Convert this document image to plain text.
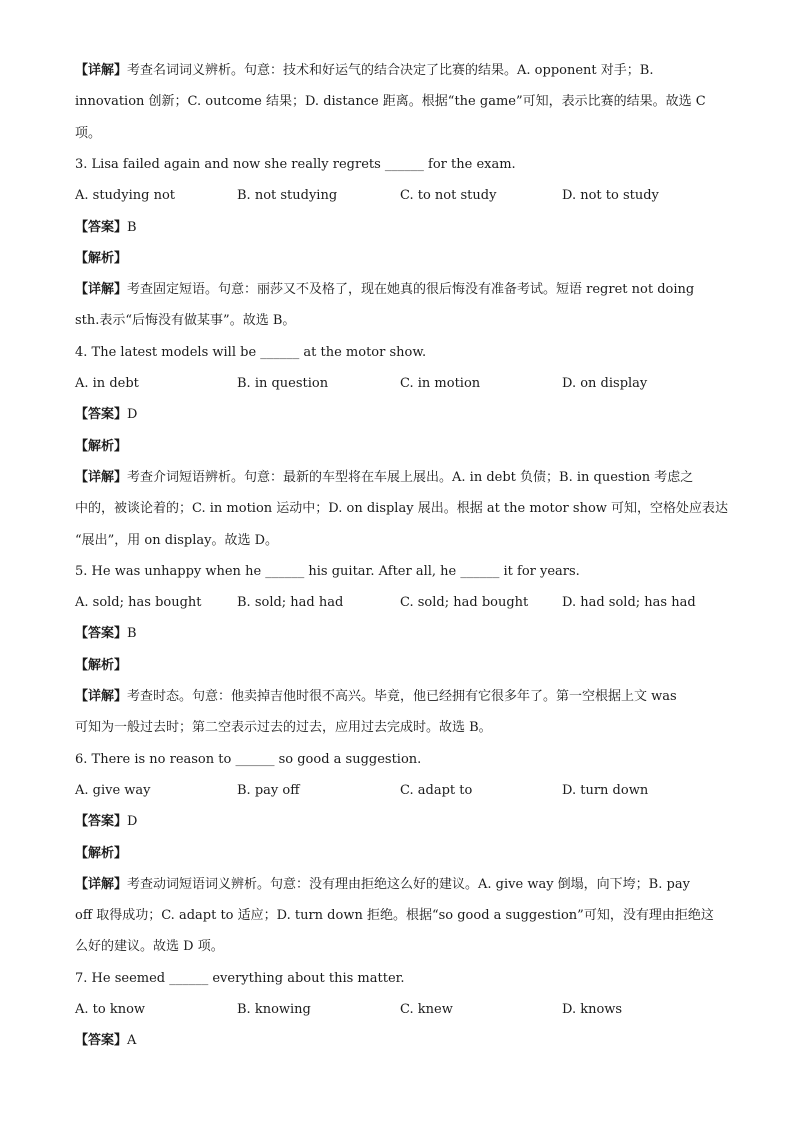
【详解】考查名词词义辨析。句意：技术和好运气的结合决定了比赛的结果。A. opponent 对手；B.
innovation 创新；C. outcome 结果；D. distance 距离。根据“the game”可知，表示比赛的结果。故选 C
项。
3. Lisa failed again and now she really regrets ______ for the exam.
A. studying not	B. not studying	C. to not study	D. not to study
【答案】B
【解析】
【详解】考查固定短语。句意：丽莎又不及格了，现在她真的很后悔没有准备考试。短语 regret not doing
sth.表示“后悔没有做某事”。故选 B。
4. The latest models will be ______ at the motor show.
A. in debt	B. in question	C. in motion	D. on display
【答案】D
【解析】
【详解】考查介词短语辨析。句意：最新的车型将在车展上展出。A. in debt 负债；B. in question 考虑之
中的，被谈论着的；C. in motion 运动中；D. on display 展出。根据 at the motor show 可知，空格处应表达
“展出”，用 on display。故选 D。
5. He was unhappy when he ______ his guitar. After all, he ______ it for years.
A. sold; has bought	B. sold; had had	C. sold; had bought	D. had sold; has had
【答案】B
【解析】
【详解】考查时态。句意：他卖掉吉他时很不高兴。毕竟，他已经拥有它很多年了。第一空根据上文 was
可知为一般过去时；第二空表示过去的过去，应用过去完成时。故选 B。
6. There is no reason to ______ so good a suggestion.
A. give way	B. pay off	C. adapt to	D. turn down
【答案】D
【解析】
【详解】考查动词短语词义辨析。句意：没有理由拒绝这么好的建议。A. give way 倒塌，向下垮；B. pay
off 取得成功；C. adapt to 适应；D. turn down 拒绝。根据“so good a suggestion”可知，没有理由拒绝这
么好的建议。故选 D 项。
7. He seemed ______ everything about this matter.
A. to know	B. knowing	C. knew	D. knows
【答案】A
